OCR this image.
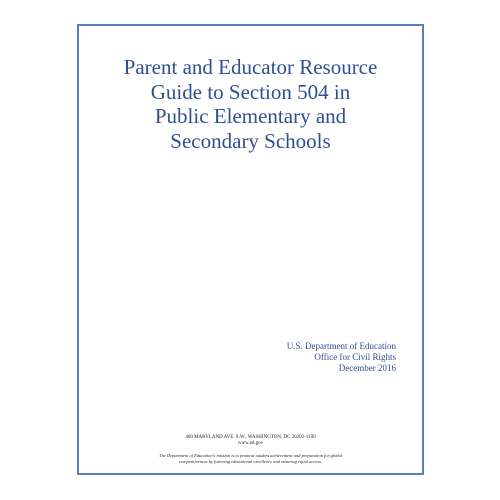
Parent and Educator Resource
Guide to Section 504 in
Public Elementary and
Secondary Schools
U.S. Department of Education
Office for Civil Rights
December 2016
400 MARYLAND AVE. S.W., WASHINGTON, DC 20202-1100
www.ed.gov
The Department of Education's mission is to promote student achievement and preparation for global
competitiveness by fostering educational excellence and ensuring equal access.
